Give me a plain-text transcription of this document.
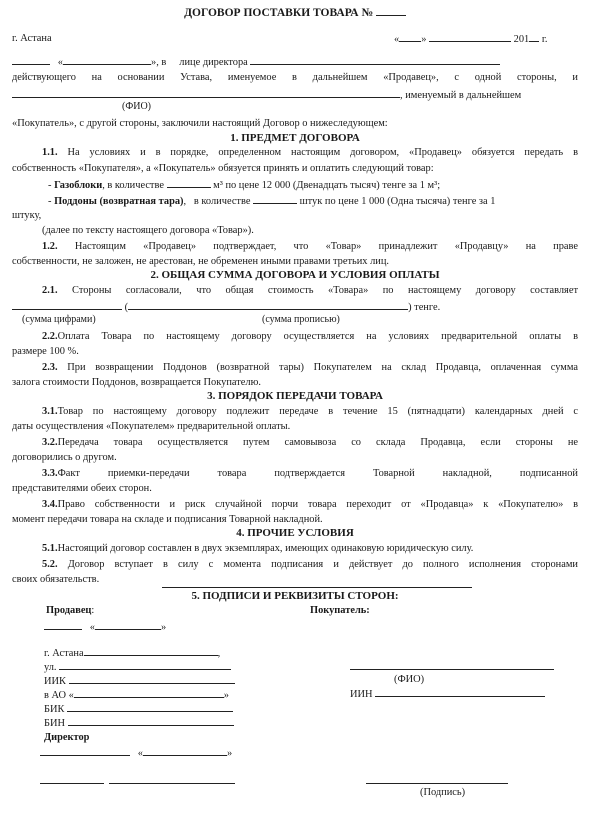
ДОГОВОР ПОСТАВКИ ТОВАРА №
г. Астана	« »	201 г.
«	», в лице директора
действующего на основании Устава, именуемое в дальнейшем «Продавец», с одной стороны, и
, именуемый в дальнейшем
(ФИО)
«Покупатель», с другой стороны, заключили настоящий Договор о нижеследующем:
1. ПРЕДМЕТ ДОГОВОРА
1.1. На условиях и в порядке, определенном настоящим договором, «Продавец» обязуется передать в
собственность «Покупателя», а «Покупатель» обязуется принять и оплатить следующий товар:
- Газоблоки, в количестве	м³ по цене 12 000 (Двенадцать тысяч) тенге за 1 м³;
- Поддоны (возвратная тара),   в количестве	штук по цене 1 000 (Одна тысяча) тенге за 1
штуку,
(далее по тексту настоящего договора «Товар»).
1.2. Настоящим «Продавец» подтверждает, что «Товар» принадлежит «Продавцу» на праве
собственности, не заложен, не арестован, не обременен иными правами третьих лиц.
2. ОБЩАЯ СУММА ДОГОВОРА И УСЛОВИЯ ОПЛАТЫ
2.1. Стороны согласовали, что общая стоимость «Товара» по настоящему договору составляет
(	) тенге.
(сумма цифрами)	(сумма прописью)
2.2.Оплата Товара по настоящему договору осуществляется на условиях предварительной оплаты в
размере 100 %.
2.3. При возвращении Поддонов (возвратной тары) Покупателем на склад Продавца, оплаченная сумма
залога стоимости Поддонов, возвращается Покупателю.
3. ПОРЯДОК ПЕРЕДАЧИ ТОВАРА
3.1.Товар по настоящему договору подлежит передаче в течение 15 (пятнадцати) календарных дней с
даты осуществления «Покупателем» предварительной оплаты.
3.2.Передача товара осуществляется путем самовывоза со склада Продавца, если стороны не
договорились о другом.
3.3.Факт приемки-передачи товара подтверждается Товарной накладной, подписанной
представителями обеих сторон.
3.4.Право собственности и риск случайной порчи товара переходит от «Продавца» к «Покупателю» в
момент передачи товара на складе и подписания Товарной накладной.
4. ПРОЧИЕ УСЛОВИЯ
5.1.Настоящий договор составлен в двух экземплярах, имеющих одинаковую юридическую силу.
5.2. Договор вступает в силу с момента подписания и действует до полного исполнения сторонами
своих обязательств.
5. ПОДПИСИ И РЕКВИЗИТЫ СТОРОН:
Продавец:
«	»
г. Астана	,
ул.
ИИК
в АО «	»
БИК
БИН
Директор
«	»

Покупатель:
(ФИО)
ИИН
(Подпись)
